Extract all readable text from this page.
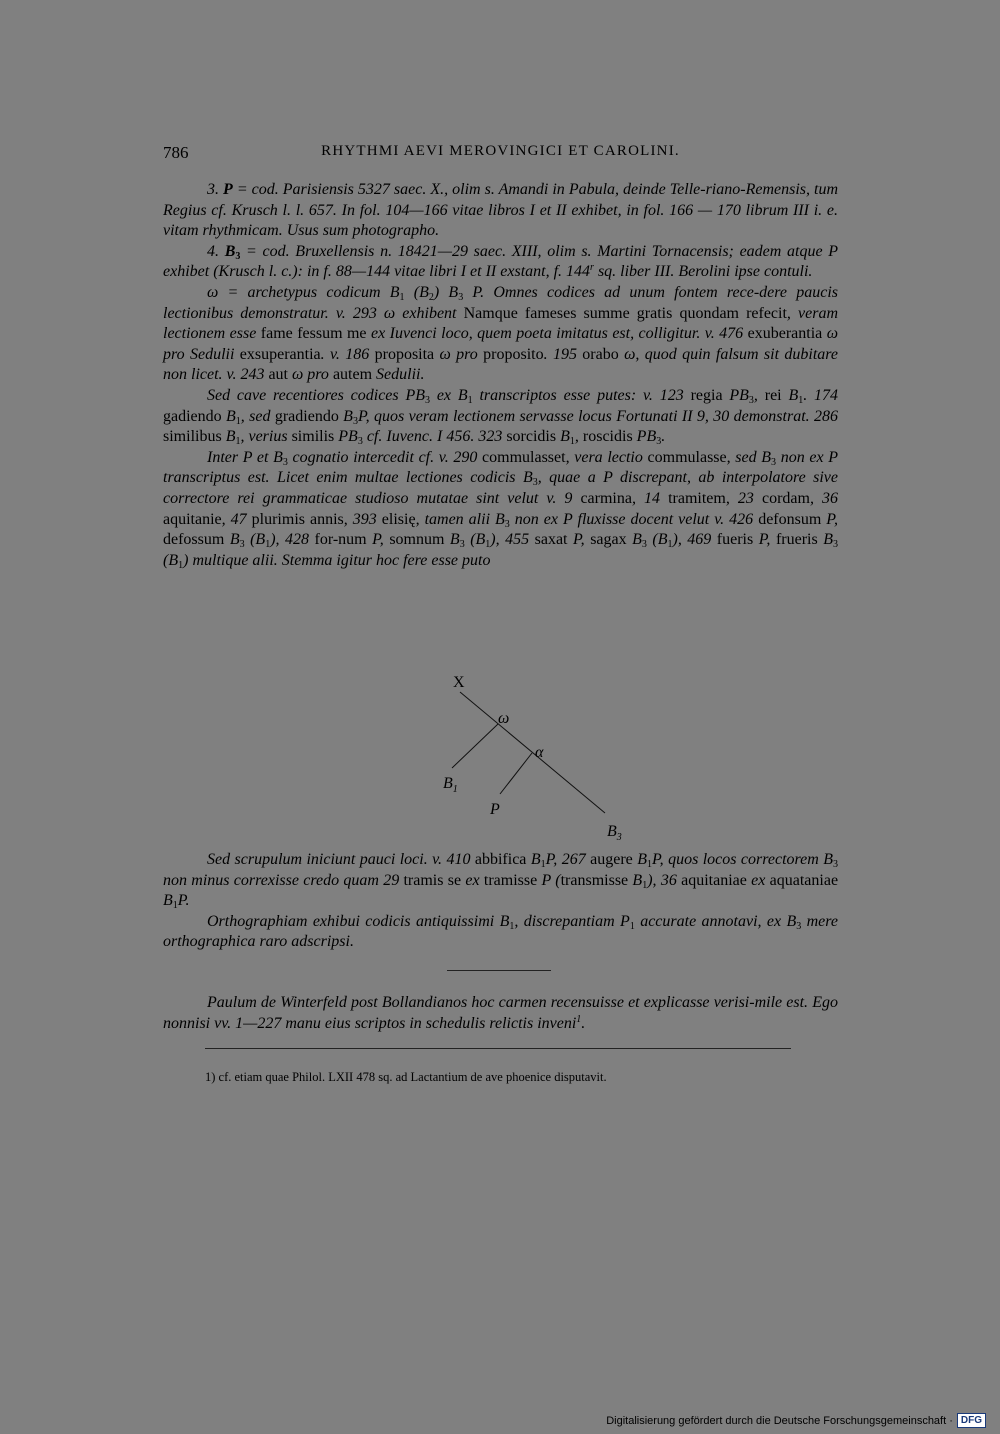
786	RHYTHMI AEVI MEROVINGICI ET CAROLINI.

3. P = cod. Parisiensis 5327 saec. X., olim s. Amandi in Pabula, deinde Telle-riano-Remensis, tum Regius cf. Krusch l. l. 657. In fol. 104—166 vitae libros I et II exhibet, in fol. 166 — 170 librum III i. e. vitam rhythmicam. Usus sum photographo.

4. $B_3$ = cod. Bruxellensis n. 18421—29 saec. XIII, olim s. Martini Tornacensis; eadem atque P exhibet (Krusch l. c.): in f. 88—144 vitae libri I et II exstant, f. 144$^r$ sq. liber III. Berolini ipse contuli.

ω = archetypus codicum $B_1$ $(B_2)$ $B_3$ P. Omnes codices ad unum fontem rece-dere paucis lectionibus demonstratur. v. 293 ω exhibent Namque fameses summe gratis quondam refecit, veram lectionem esse fame fessum me ex Iuvenci loco, quem poeta imitatus est, colligitur. v. 476 exuberantia ω pro Sedulii exsuperantia. v. 186 proposita ω pro proposito. 195 orabo ω, quod quin falsum sit dubitare non licet. v. 243 aut ω pro autem Sedulii.

Sed cave recentiores codices $PB_3$ ex $B_1$ transcriptos esse putes: v. 123 regia $PB_3$, rei $B_1$. 174 gadiendo $B_1$, sed gradiendo $B_3P$, quos veram lectionem servasse locus Fortunati II 9, 30 demonstrat. 286 similibus $B_1$, verius similis $PB_3$ cf. Iuvenc. I 456. 323 sorcidis $B_1$, roscidis $PB_3$.

Inter P et $B_3$ cognatio intercedit cf. v. 290 commulasset, vera lectio commulasse, sed $B_3$ non ex P transcriptus est. Licet enim multae lectiones codicis $B_3$, quae a P discrepant, ab interpolatore sive correctore rei grammaticae studioso mutatae sint velut v. 9 carmina, 14 tramitem, 23 cordam, 36 aquitanie, 47 plurimis annis, 393 elisię, tamen alii $B_3$ non ex P fluxisse docent velut v. 426 defonsum P, defossum $B_3$ $(B_1)$, 428 for-num P, somnum $B_3$ $(B_1)$, 455 saxat P, sagax $B_3$ $(B_1)$, 469 fueris P, frueris $B_3$ $(B_1)$ multique alii. Stemma igitur hoc fere esse puto

X
ω
α
$B_1$
P
$B_3$

Sed scrupulum iniciunt pauci loci. v. 410 abbifica $B_1P$, 267 augere $B_1P$, quos locos correctorem $B_3$ non minus correxisse credo quam 29 tramis se ex tramisse P (transmisse $B_1$), 36 aquitaniae ex aquataniae $B_1P$.

Orthographiam exhibui codicis antiquissimi $B_1$, discrepantiam $P_1$ accurate annotavi, ex $B_3$ mere orthographica raro adscripsi.

Paulum de Winterfeld post Bollandianos hoc carmen recensuisse et explicasse verisi-mile est. Ego nonnisi vv. 1—227 manu eius scriptos in schedulis relictis inveni$^1$.

1) cf. etiam quae Philol. LXII 478 sq. ad Lactantium de ave phoenice disputavit.
Digitalisierung gefördert durch die Deutsche Forschungsgemeinschaft · DFG
